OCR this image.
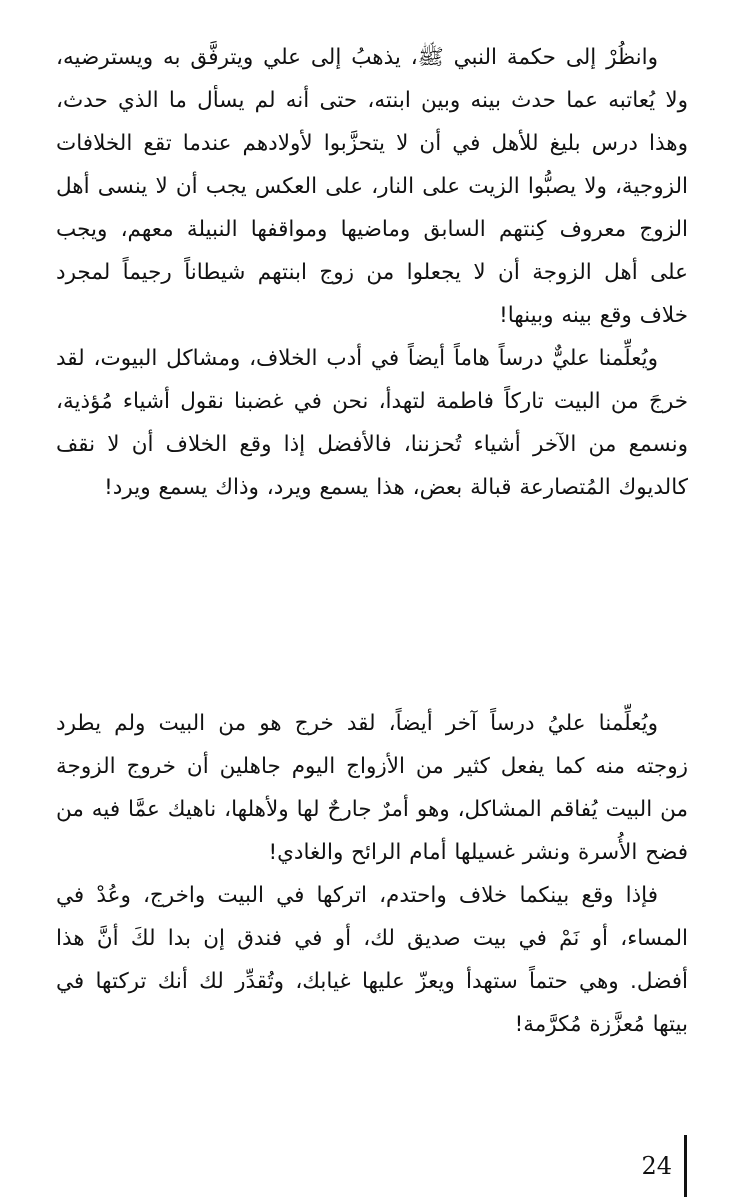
وانظُرْ إلى حكمة النبي ﷺ، يذهبُ إلى علي ويترفَّق به ويسترضيه، ولا يُعاتبه عما حدث بينه وبين ابنته، حتى أنه لم يسأل ما الذي حدث، وهذا درس بليغ للأهل في أن لا يتحزَّبوا لأولادهم عندما تقع الخلافات الزوجية، ولا يصبُّوا الزيت على النار، على العكس يجب أن لا ينسى أهل الزوج معروف كِنتهم السابق وماضيها ومواقفها النبيلة معهم، ويجب على أهل الزوجة أن لا يجعلوا من زوج ابنتهم شيطاناً رجيماً لمجرد خلاف وقع بينه وبينها!

ويُعلِّمنا عليٌّ درساً هاماً أيضاً في أدب الخلاف، ومشاكل البيوت، لقد خرجَ من البيت تاركاً فاطمة لتهدأ، نحن في غضبنا نقول أشياء مُؤذية، ونسمع من الآخر أشياء تُحزننا، فالأفضل إذا وقع الخلاف أن لا نقف كالديوك المُتصارعة قبالة بعض، هذا يسمع ويرد، وذاك يسمع ويرد!

ويُعلِّمنا عليُ درساً آخر أيضاً، لقد خرج هو من البيت ولم يطرد زوجته منه كما يفعل كثير من الأزواج اليوم جاهلين أن خروج الزوجة من البيت يُفاقم المشاكل، وهو أمرٌ جارحٌ لها ولأهلها، ناهيك عمَّا فيه من فضح الأُسرة ونشر غسيلها أمام الرائح والغادي!

فإذا وقع بينكما خلاف واحتدم، اتركها في البيت واخرج، وعُدْ في المساء، أو نَمْ في بيت صديق لك، أو في فندق إن بدا لكَ أنَّ هذا أفضل. وهي حتماً ستهدأ ويعزّ عليها غيابك، وتُقدِّر لك أنك تركتها في بيتها مُعزَّزة مُكرَّمة!

24
